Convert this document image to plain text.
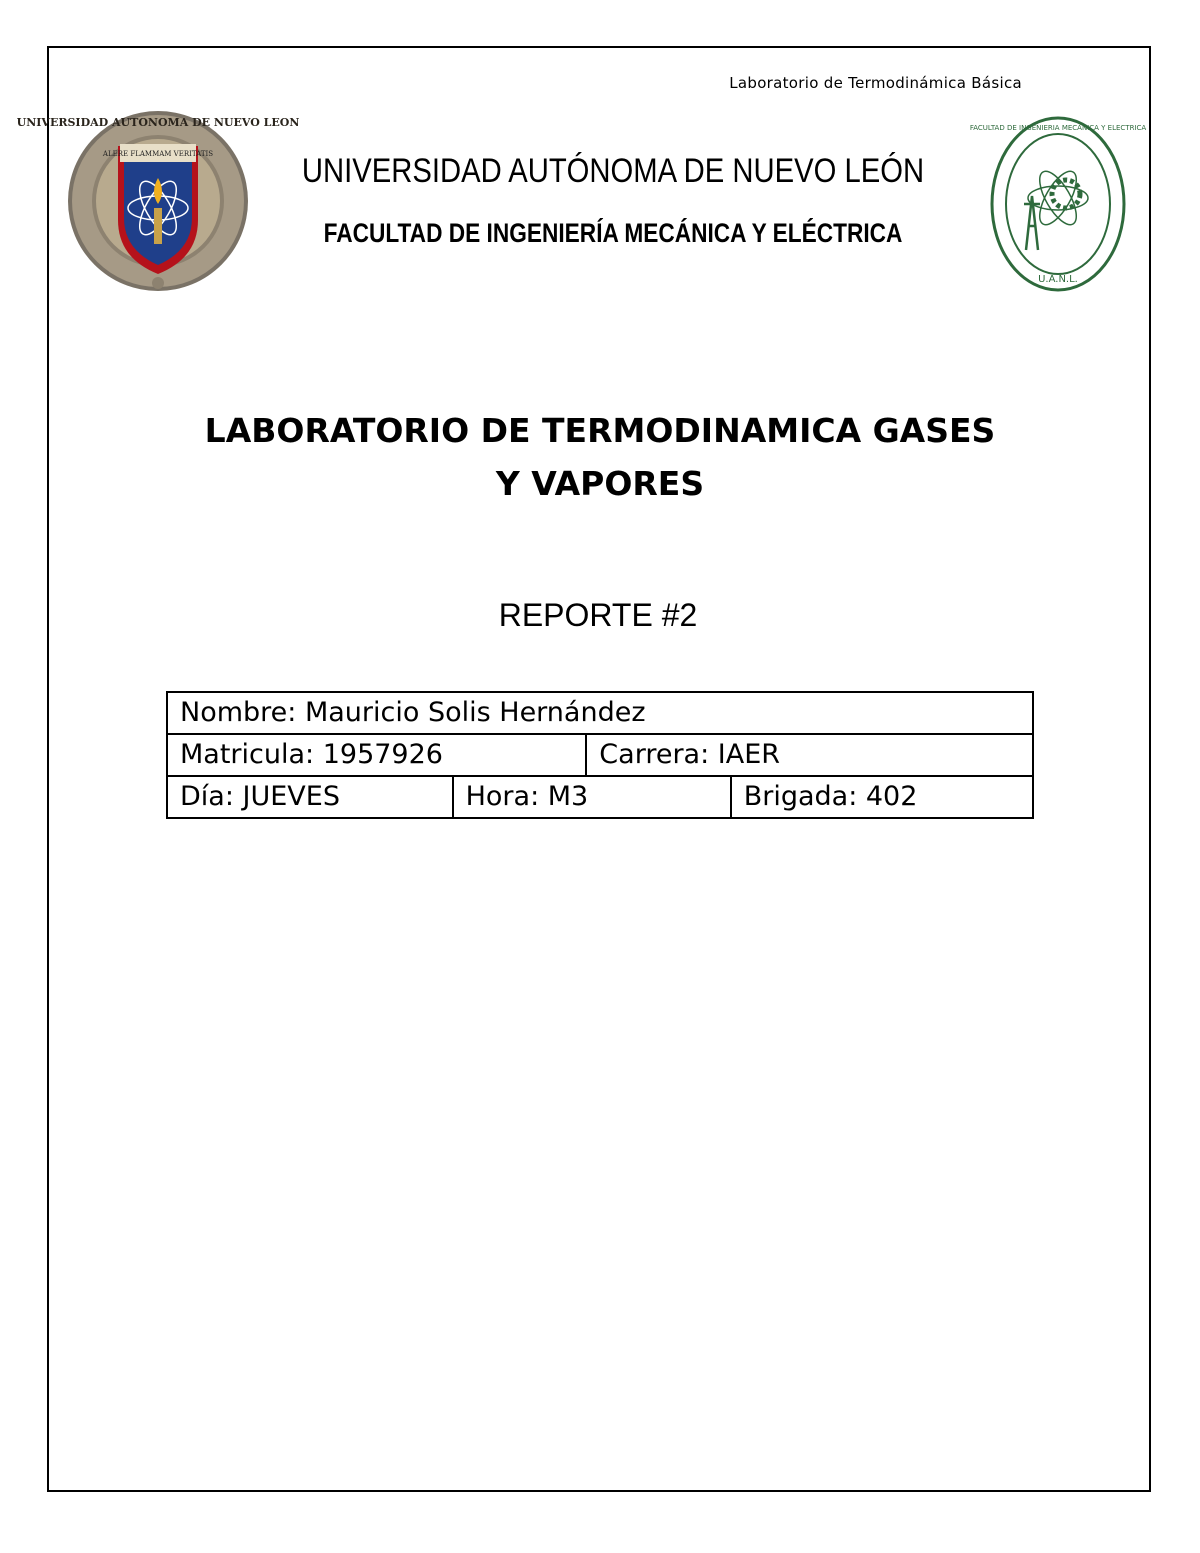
Laboratorio de Termodinámica Básica
UNIVERSIDAD AUTONOMA DE NUEVO LEON
ALERE FLAMMAM VERITATIS
FACULTAD DE INGENIERIA MECANICA Y ELECTRICA
U.A.N.L.
UNIVERSIDAD AUTÓNOMA DE NUEVO LEÓN
FACULTAD DE INGENIERÍA MECÁNICA Y ELÉCTRICA
LABORATORIO DE TERMODINAMICA GASES
Y VAPORES
REPORTE #2
Nombre: Mauricio Solis Hernández			
Matricula: 1957926		Carrera: IAER	
Día: JUEVES	Hora: M3		Brigada: 402
